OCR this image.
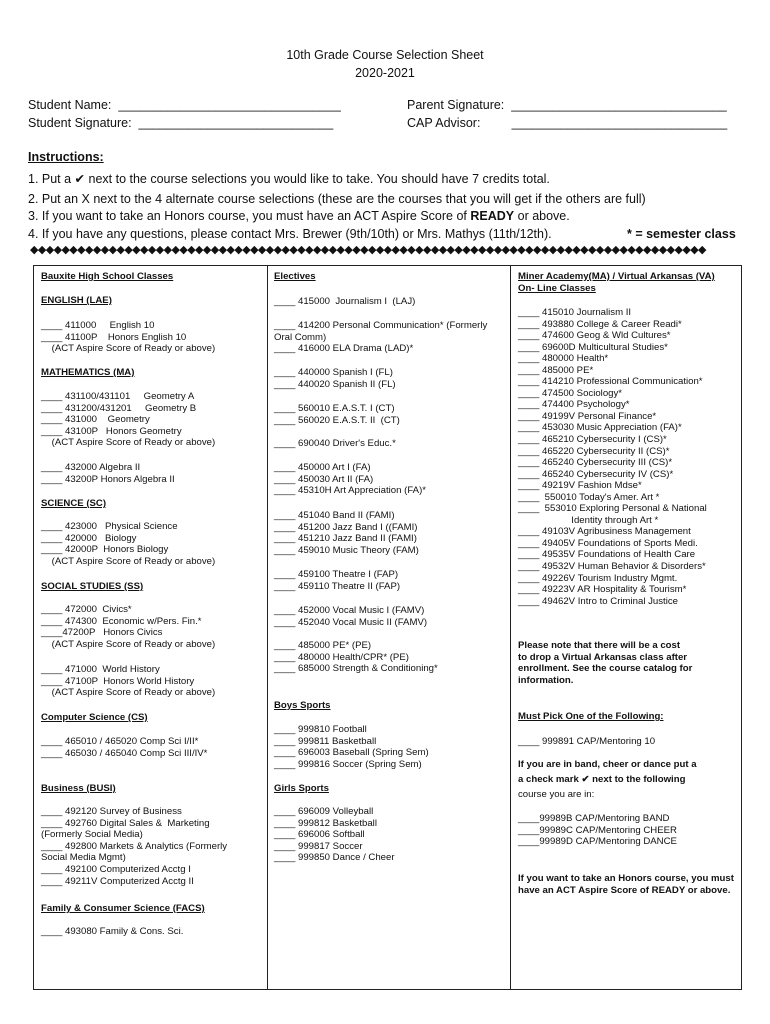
10th Grade Course Selection Sheet
2020-2021
Student Name:  ________________________________
Student Signature:  ____________________________
Parent Signature:  _______________________________
CAP Advisor:         _______________________________
Instructions:
1. Put a ✔ next to the course selections you would like to take. You should have 7 credits total.
2. Put an X next to the 4 alternate course selections (these are the courses that you will get if the others are full)
3. If you want to take an Honors course, you must have an ACT Aspire Score of READY or above.
4. If you have any questions, please contact Mrs. Brewer (9th/10th) or Mrs. Mathys (11th/12th).	* = semester class
◆◆◆◆◆◆◆◆◆◆◆◆◆◆◆◆◆◆◆◆◆◆◆◆◆◆◆◆◆◆◆◆◆◆◆◆◆◆◆◆◆◆◆◆◆◆◆◆◆◆◆◆◆◆◆◆◆◆◆◆◆◆◆◆◆◆◆◆◆◆◆◆◆◆◆◆◆◆◆◆◆◆◆◆◆◆
Bauxite High School Classes
ENGLISH (LAE)
____ 411000     English 10
____ 41100P    Honors English 10
(ACT Aspire Score of Ready or above)
MATHEMATICS (MA)
____ 431100/431101     Geometry A
____ 431200/431201     Geometry B
____ 431000    Geometry
____ 43100P   Honors Geometry
(ACT Aspire Score of Ready or above)
____ 432000 Algebra II
____ 43200P Honors Algebra II
SCIENCE (SC)
____ 423000   Physical Science
____ 420000   Biology
____ 42000P  Honors Biology
(ACT Aspire Score of Ready or above)
SOCIAL STUDIES (SS)
____ 472000  Civics*
____ 474300  Economic w/Pers. Fin.*
____47200P   Honors Civics
(ACT Aspire Score of Ready or above)
____ 471000  World History
____ 47100P  Honors World History
(ACT Aspire Score of Ready or above)
Computer Science (CS)
____ 465010 / 465020 Comp Sci I/II*
____ 465030 / 465040 Comp Sci III/IV*
Business (BUSI)
____ 492120 Survey of Business
____ 492760 Digital Sales &  Marketing
(Formerly Social Media)
____ 492800 Markets & Analytics (Formerly
Social Media Mgmt)
____ 492100 Computerized Acctg I
____ 49211V Computerized Acctg II
Family & Consumer Science (FACS)
____ 493080 Family & Cons. Sci.
Electives
____ 415000  Journalism I  (LAJ)
____ 414200 Personal Communication* (Formerly
Oral Comm)
____ 416000 ELA Drama (LAD)*
____ 440000 Spanish I (FL)
____ 440020 Spanish II (FL)
____ 560010 E.A.S.T. I (CT)
____ 560020 E.A.S.T. II  (CT)
____ 690040 Driver's Educ.*
____ 450000 Art I (FA)
____ 450030 Art II (FA)
____ 45310H Art Appreciation (FA)*
____ 451040 Band II (FAMI)
____ 451200 Jazz Band I ((FAMI)
____ 451210 Jazz Band II (FAMI)
____ 459010 Music Theory (FAM)
____ 459100 Theatre I (FAP)
____ 459110 Theatre II (FAP)
____ 452000 Vocal Music I (FAMV)
____ 452040 Vocal Music II (FAMV)
____ 485000 PE* (PE)
____ 480000 Health/CPR* (PE)
____ 685000 Strength & Conditioning*
Boys Sports
____ 999810 Football
____ 999811 Basketball
____ 696003 Baseball (Spring Sem)
____ 999816 Soccer (Spring Sem)
Girls Sports
____ 696009 Volleyball
____ 999812 Basketball
____ 696006 Softball
____ 999817 Soccer
____ 999850 Dance / Cheer
Miner Academy(MA) / Virtual Arkansas (VA)
On- Line Classes
____ 415010 Journalism II
____ 493880 College & Career Readi*
____ 474600 Geog & Wld Cultures*
____ 69600D Multicultural Studies*
____ 480000 Health*
____ 485000 PE*
____ 414210 Professional Communication*
____ 474500 Sociology*
____ 474400 Psychology*
____ 49199V Personal Finance*
____ 453030 Music Appreciation (FA)*
____ 465210 Cybersecurity I (CS)*
____ 465220 Cybersecurity II (CS)*
____ 465240 Cybersecurity III (CS)*
____ 465240 Cybersecurity IV (CS)*
____ 49219V Fashion Mdse*
____  550010 Today's Amer. Art *
____  553010 Exploring Personal & National
Identity through Art *
____ 49103V Agribusiness Management
____ 49405V Foundations of Sports Medi.
____ 49535V Foundations of Health Care
____ 49532V Human Behavior & Disorders*
____ 49226V Tourism Industry Mgmt.
____ 49223V AR Hospitality & Tourism*
____ 49462V Intro to Criminal Justice
Please note that there will be a cost
to drop a Virtual Arkansas class after
enrollment. See the course catalog for
information.
Must Pick One of the Following:
____ 999891 CAP/Mentoring 10
If you are in band, cheer or dance put a
a check mark ✔ next to the following
course you are in:
____99989B CAP/Mentoring BAND
____99989C CAP/Mentoring CHEER
____99989D CAP/Mentoring DANCE
If you want to take an Honors course, you must
have an ACT Aspire Score of READY or above.
